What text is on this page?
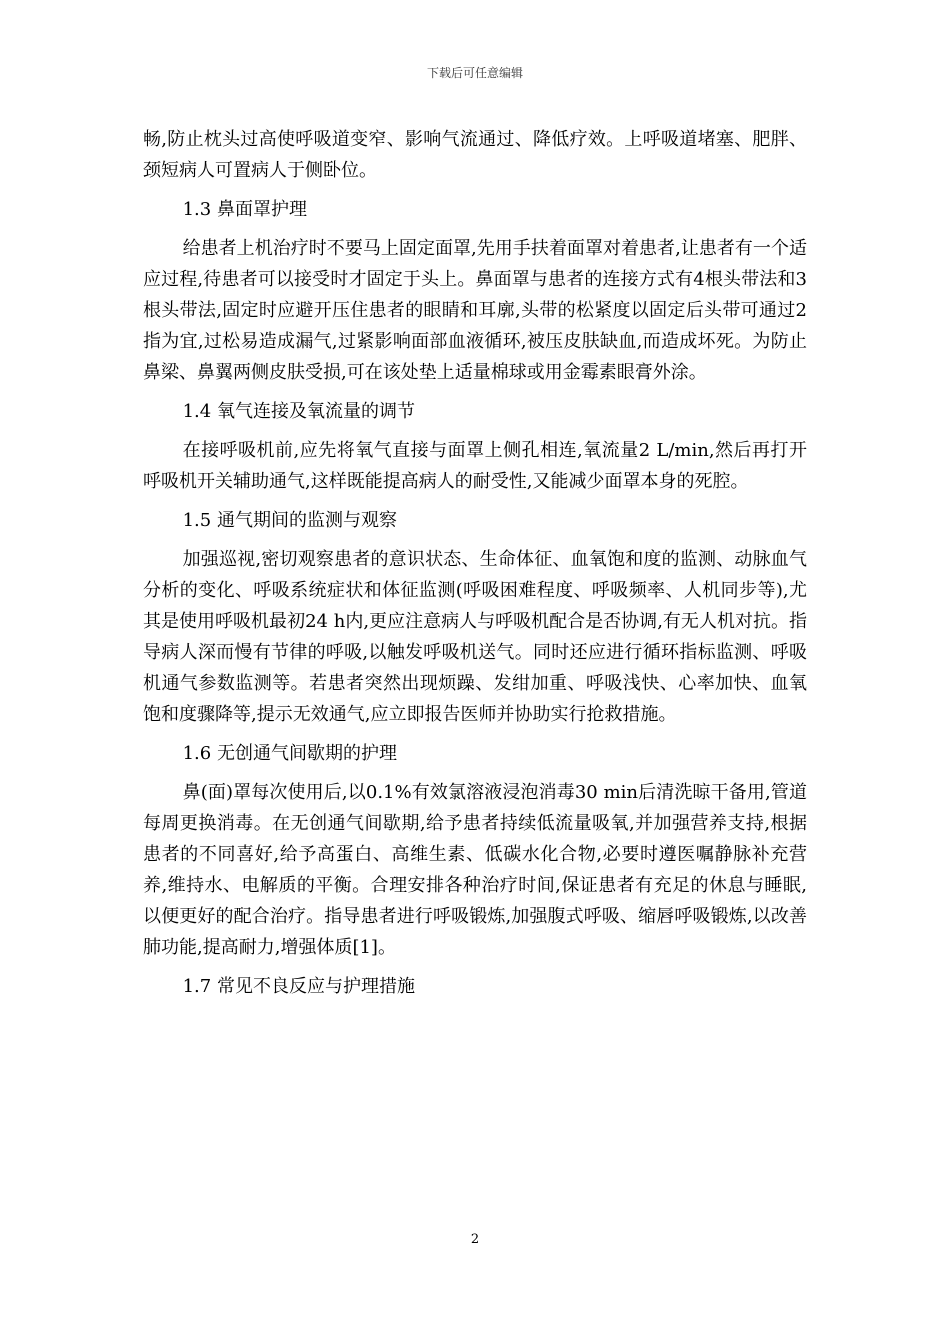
下载后可任意编辑

畅,防止枕头过高使呼吸道变窄、影响气流通过、降低疗效。上呼吸道堵塞、肥胖、颈短病人可置病人于侧卧位。

1.3 鼻面罩护理

给患者上机治疗时不要马上固定面罩,先用手扶着面罩对着患者,让患者有一个适应过程,待患者可以接受时才固定于头上。鼻面罩与患者的连接方式有4根头带法和3根头带法,固定时应避开压住患者的眼睛和耳廓,头带的松紧度以固定后头带可通过2指为宜,过松易造成漏气,过紧影响面部血液循环,被压皮肤缺血,而造成坏死。为防止鼻梁、鼻翼两侧皮肤受损,可在该处垫上适量棉球或用金霉素眼膏外涂。

1.4 氧气连接及氧流量的调节

在接呼吸机前,应先将氧气直接与面罩上侧孔相连,氧流量2 L/min,然后再打开呼吸机开关辅助通气,这样既能提高病人的耐受性,又能减少面罩本身的死腔。

1.5 通气期间的监测与观察

加强巡视,密切观察患者的意识状态、生命体征、血氧饱和度的监测、动脉血气分析的变化、呼吸系统症状和体征监测(呼吸困难程度、呼吸频率、人机同步等),尤其是使用呼吸机最初24 h内,更应注意病人与呼吸机配合是否协调,有无人机对抗。指导病人深而慢有节律的呼吸,以触发呼吸机送气。同时还应进行循环指标监测、呼吸机通气参数监测等。若患者突然出现烦躁、发绀加重、呼吸浅快、心率加快、血氧饱和度骤降等,提示无效通气,应立即报告医师并协助实行抢救措施。

1.6 无创通气间歇期的护理

鼻(面)罩每次使用后,以0.1%有效氯溶液浸泡消毒30 min后清洗晾干备用,管道每周更换消毒。在无创通气间歇期,给予患者持续低流量吸氧,并加强营养支持,根据患者的不同喜好,给予高蛋白、高维生素、低碳水化合物,必要时遵医嘱静脉补充营养,维持水、电解质的平衡。合理安排各种治疗时间,保证患者有充足的休息与睡眠,以便更好的配合治疗。指导患者进行呼吸锻炼,加强腹式呼吸、缩唇呼吸锻炼,以改善肺功能,提高耐力,增强体质[1]。

1.7 常见不良反应与护理措施

2
